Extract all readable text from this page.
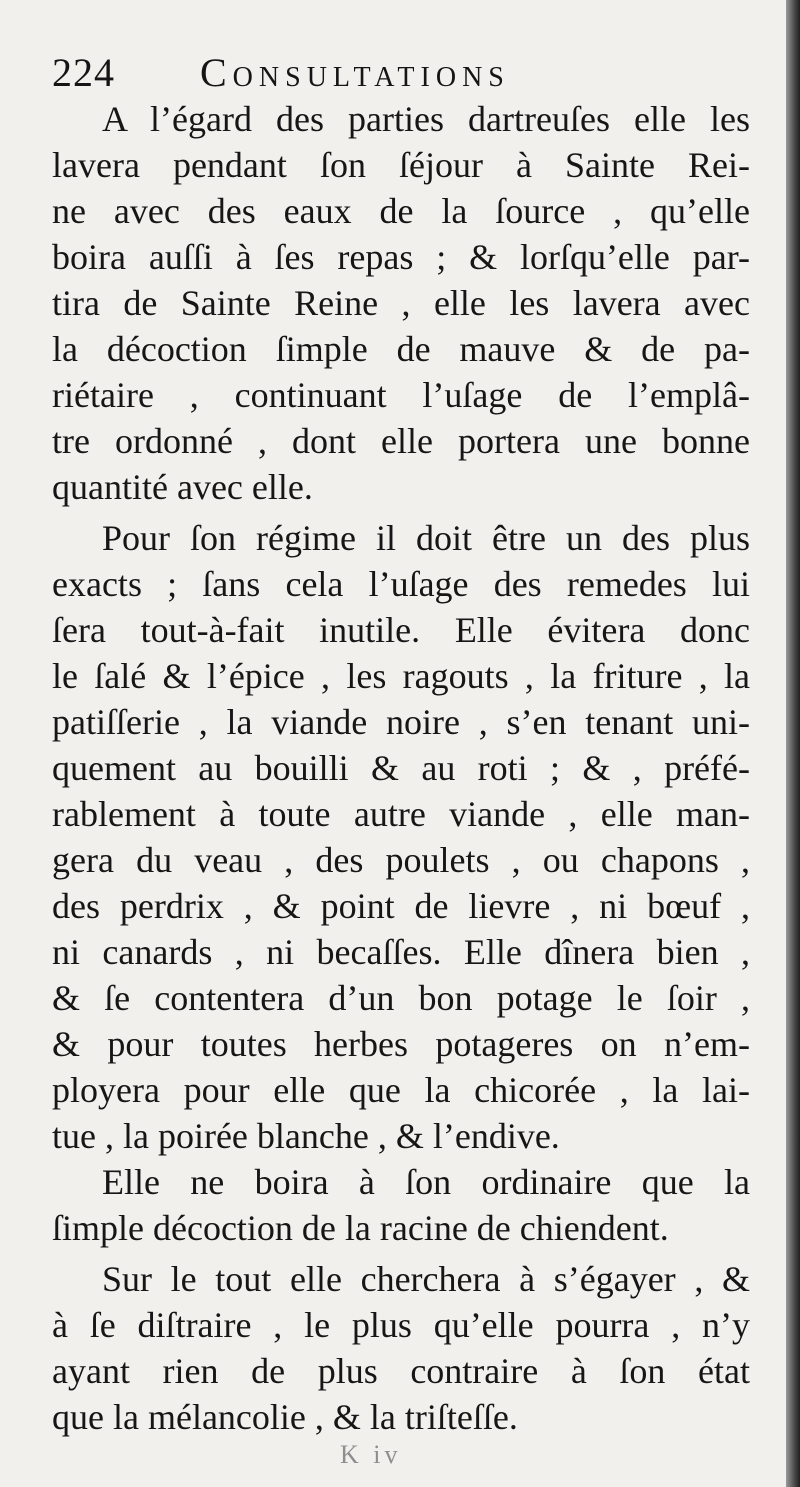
224 Consultations
A l’égard des parties dartreuſes elle les
lavera pendant ſon ſéjour à Sainte Rei-
ne avec des eaux de la ſource , qu’elle
boira auſſi à ſes repas ; & lorſqu’elle par-
tira de Sainte Reine , elle les lavera avec
la décoction ſimple de mauve & de pa-
riétaire , continuant l’uſage de l’emplâ-
tre ordonné , dont elle portera une bonne
quantité avec elle.
Pour ſon régime il doit être un des plus
exacts ; ſans cela l’uſage des remedes lui
ſera tout-à-fait inutile. Elle évitera donc
le ſalé & l’épice , les ragouts , la friture , la
patiſſerie , la viande noire , s’en tenant uni-
quement au bouilli & au roti ; & , préfé-
rablement à toute autre viande , elle man-
gera du veau , des poulets , ou chapons ,
des perdrix , & point de lievre , ni bœuf ,
ni canards , ni becaſſes. Elle dînera bien ,
& ſe contentera d’un bon potage le ſoir ,
& pour toutes herbes potageres on n’em-
ployera pour elle que la chicorée , la lai-
tue , la poirée blanche , & l’endive.
Elle ne boira à ſon ordinaire que la
ſimple décoction de la racine de chiendent.
Sur le tout elle cherchera à s’égayer , &
à ſe diſtraire , le plus qu’elle pourra , n’y
ayant rien de plus contraire à ſon état
que la mélancolie , & la triſteſſe.
K iv
